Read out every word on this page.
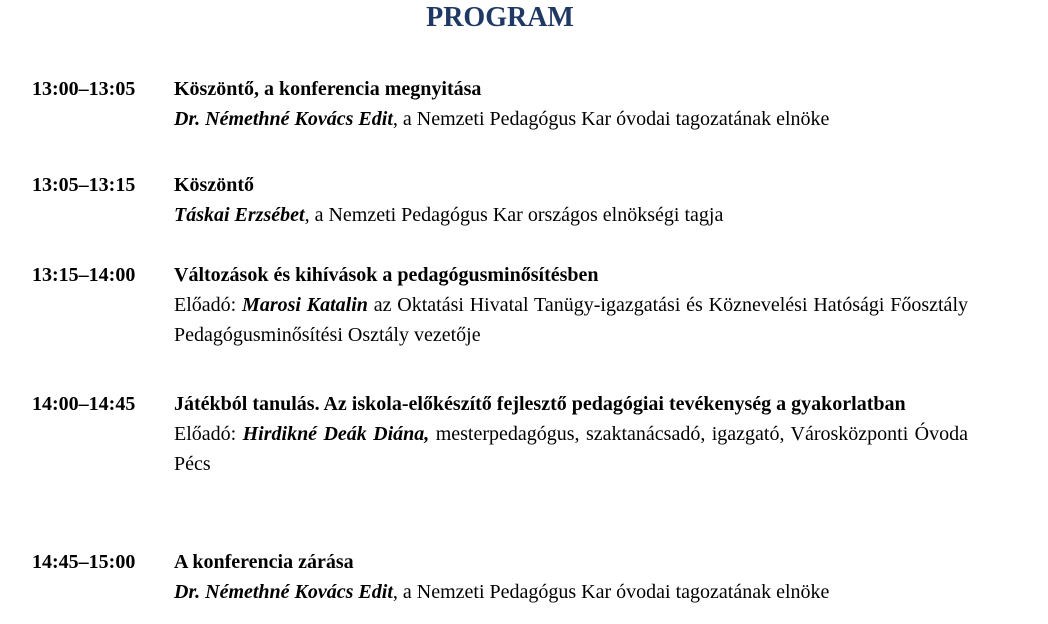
PROGRAM
13:00–13:05 Köszöntő, a konferencia megnyitása
Dr. Némethné Kovács Edit, a Nemzeti Pedagógus Kar óvodai tagozatának elnöke
13:05–13:15 Köszöntő
Táskai Erzsébet, a Nemzeti Pedagógus Kar országos elnökségi tagja
13:15–14:00 Változások és kihívások a pedagógusminősítésben
Előadó: Marosi Katalin az Oktatási Hivatal Tanügy-igazgatási és Köznevelési Hatósági Főosztály Pedagógusminősítési Osztály vezetője
14:00–14:45 Játékból tanulás. Az iskola-előkészítő fejlesztő pedagógiai tevékenység a gyakorlatban
Előadó: Hirdikné Deák Diána, mesterpedagógus, szaktanácsadó, igazgató, Városközponti Óvoda Pécs
14:45–15:00 A konferencia zárása
Dr. Némethné Kovács Edit, a Nemzeti Pedagógus Kar óvodai tagozatának elnöke
